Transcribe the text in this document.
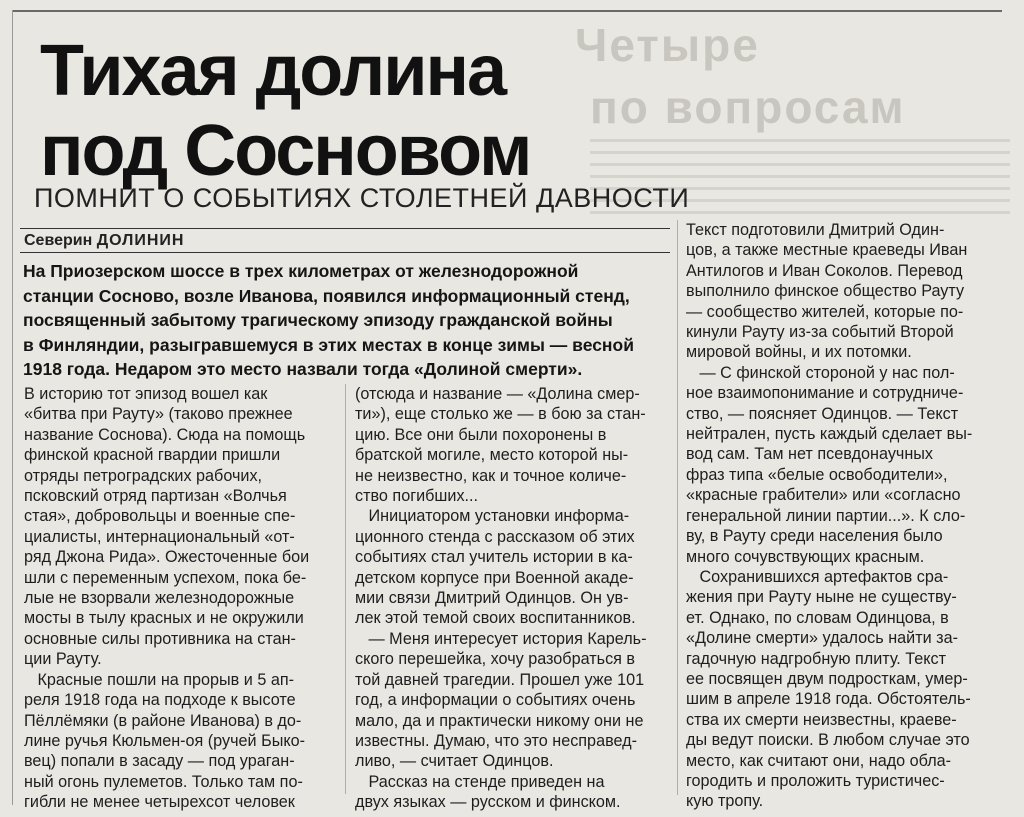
Четыре
по вопросам
Тихая долина
под Сосновом
ПОМНИТ О СОБЫТИЯХ СТОЛЕТНЕЙ ДАВНОСТИ
Северин ДОЛИНИН
На Приозерском шоссе в трех километрах от железнодорожной
станции Сосново, возле Иванова, появился информационный стенд,
посвященный забытому трагическому эпизоду гражданской войны
в Финляндии, разыгравшемуся в этих местах в конце зимы — весной
1918 года. Недаром это место назвали тогда «Долиной смерти».
В историю тот эпизод вошел как
«битва при Рауту» (таково прежнее
название Соснова). Сюда на помощь
финской красной гвардии пришли
отряды петроградских рабочих,
псковский отряд партизан «Волчья
стая», добровольцы и военные спе-
циалисты, интернациональный «от-
ряд Джона Рида». Ожесточенные бои
шли с переменным успехом, пока бе-
лые не взорвали железнодорожные
мосты в тылу красных и не окружили
основные силы противника на стан-
ции Рауту.
Красные пошли на прорыв и 5 ап-
реля 1918 года на подходе к высоте
Пёллёмяки (в районе Иванова) в до-
лине ручья Кюльмен-оя (ручей Быко-
вец) попали в засаду — под ураган-
ный огонь пулеметов. Только там по-
гибли не менее четырехсот человек
(отсюда и название — «Долина смер-
ти»), еще столько же — в бою за стан-
цию. Все они были похоронены в
братской могиле, место которой ны-
не неизвестно, как и точное количе-
ство погибших...
Инициатором установки информа-
ционного стенда с рассказом об этих
событиях стал учитель истории в ка-
детском корпусе при Военной акаде-
мии связи Дмитрий Одинцов. Он ув-
лек этой темой своих воспитанников.
— Меня интересует история Карель-
ского перешейка, хочу разобраться в
той давней трагедии. Прошел уже 101
год, а информации о событиях очень
мало, да и практически никому они не
известны. Думаю, что это несправед-
ливо, — считает Одинцов.
Рассказ на стенде приведен на
двух языках — русском и финском.
Текст подготовили Дмитрий Один-
цов, а также местные краеведы Иван
Антилогов и Иван Соколов. Перевод
выполнило финское общество Рауту
— сообщество жителей, которые по-
кинули Рауту из-за событий Второй
мировой войны, и их потомки.
— С финской стороной у нас пол-
ное взаимопонимание и сотрудниче-
ство, — поясняет Одинцов. — Текст
нейтрален, пусть каждый сделает вы-
вод сам. Там нет псевдонаучных
фраз типа «белые освободители»,
«красные грабители» или «согласно
генеральной линии партии...». К сло-
ву, в Рауту среди населения было
много сочувствующих красным.
Сохранившихся артефактов сра-
жения при Рауту ныне не существу-
ет. Однако, по словам Одинцова, в
«Долине смерти» удалось найти за-
гадочную надгробную плиту. Текст
ее посвящен двум подросткам, умер-
шим в апреле 1918 года. Обстоятель-
ства их смерти неизвестны, краеве-
ды ведут поиски. В любом случае это
место, как считают они, надо обла-
городить и проложить туристичес-
кую тропу.
